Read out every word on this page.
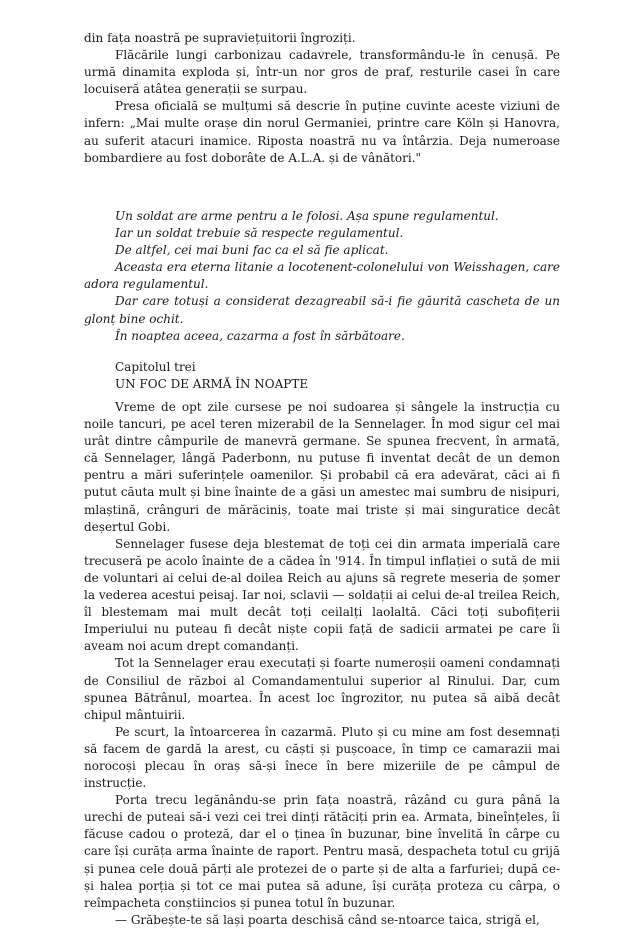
din fața noastră pe supraviețuitorii îngroziți.

Flăcările lungi carbonizau cadavrele, transformându-le în cenușă. Pe urmă dinamita exploda și, într-un nor gros de praf, resturile casei în care locuiseră atâtea generații se surpau.

Presa oficială se mulțumi să descrie în puține cuvinte aceste viziuni de infern: „Mai multe orașe din norul Germaniei, printre care Köln și Hanovra, au suferit atacuri inamice. Riposta noastră nu va întârzia. Deja numeroase bombardiere au fost doborâte de A.L.A. și de vânători."

Un soldat are arme pentru a le folosi. Așa spune regulamentul.

Iar un soldat trebuie să respecte regulamentul.

De altfel, cei mai buni fac ca el să fie aplicat.

Aceasta era eterna litanie a locotenent-colonelului von Weisshagen, care adora regulamentul.

Dar care totuși a considerat dezagreabil să-i fie găurită cascheta de un glonț bine ochit.

În noaptea aceea, cazarma a fost în sărbătoare.

Capitolul trei
UN FOC DE ARMĂ ÎN NOAPTE

Vreme de opt zile cursese pe noi sudoarea și sângele la instrucția cu noile tancuri, pe acel teren mizerabil de la Sennelager. În mod sigur cel mai urât dintre câmpurile de manevră germane. Se spunea frecvent, în armată, că Sennelager, lângă Paderbonn, nu putuse fi inventat decât de un demon pentru a mări suferințele oamenilor. Și probabil că era adevărat, căci ai fi putut căuta mult și bine înainte de a găsi un amestec mai sumbru de nisipuri, mlaștină, crânguri de mărăciniș, toate mai triste și mai singuratice decât deșertul Gobi.

Sennelager fusese deja blestemat de toți cei din armata imperială care trecuseră pe acolo înainte de a cădea în '914. În timpul inflației o sută de mii de voluntari ai celui de-al doilea Reich au ajuns să regrete meseria de șomer la vederea acestui peisaj. Iar noi, sclavii — soldații ai celui de-al treilea Reich, îl blestemam mai mult decât toți ceilalți laolaltă. Căci toți subofițerii Imperiului nu puteau fi decât niște copii față de sadicii armatei pe care îi aveam noi acum drept comandanți.

Tot la Sennelager erau executați și foarte numeroșii oameni condamnați de Consiliul de război al Comandamentului superior al Rinului. Dar, cum spunea Bătrânul, moartea. În acest loc îngrozitor, nu putea să aibă decât chipul mântuirii.

Pe scurt, la întoarcerea în cazarmă. Pluto și cu mine am fost desemnați să facem de gardă la arest, cu căști și pușcoace, în timp ce camarazii mai norocoși plecau în oraș să-și înece în bere mizeriile de pe câmpul de instrucție.

Porta trecu legănându-se prin fața noastră, râzând cu gura până la urechi de puteai să-i vezi cei trei dinți rătăciți prin ea. Armata, bineînțeles, îi făcuse cadou o proteză, dar el o ținea în buzunar, bine învelită în cârpe cu care își curăța arma înainte de raport. Pentru masă, despacheta totul cu grijă și punea cele două părți ale protezei de o parte și de alta a farfuriei; după ce-și halea porția și tot ce mai putea să adune, își curăța proteza cu cârpa, o reîmpacheta conștiincios și punea totul în buzunar.

— Grăbește-te să lași poarta deschisă când se-ntoarce taica, strigă el,
